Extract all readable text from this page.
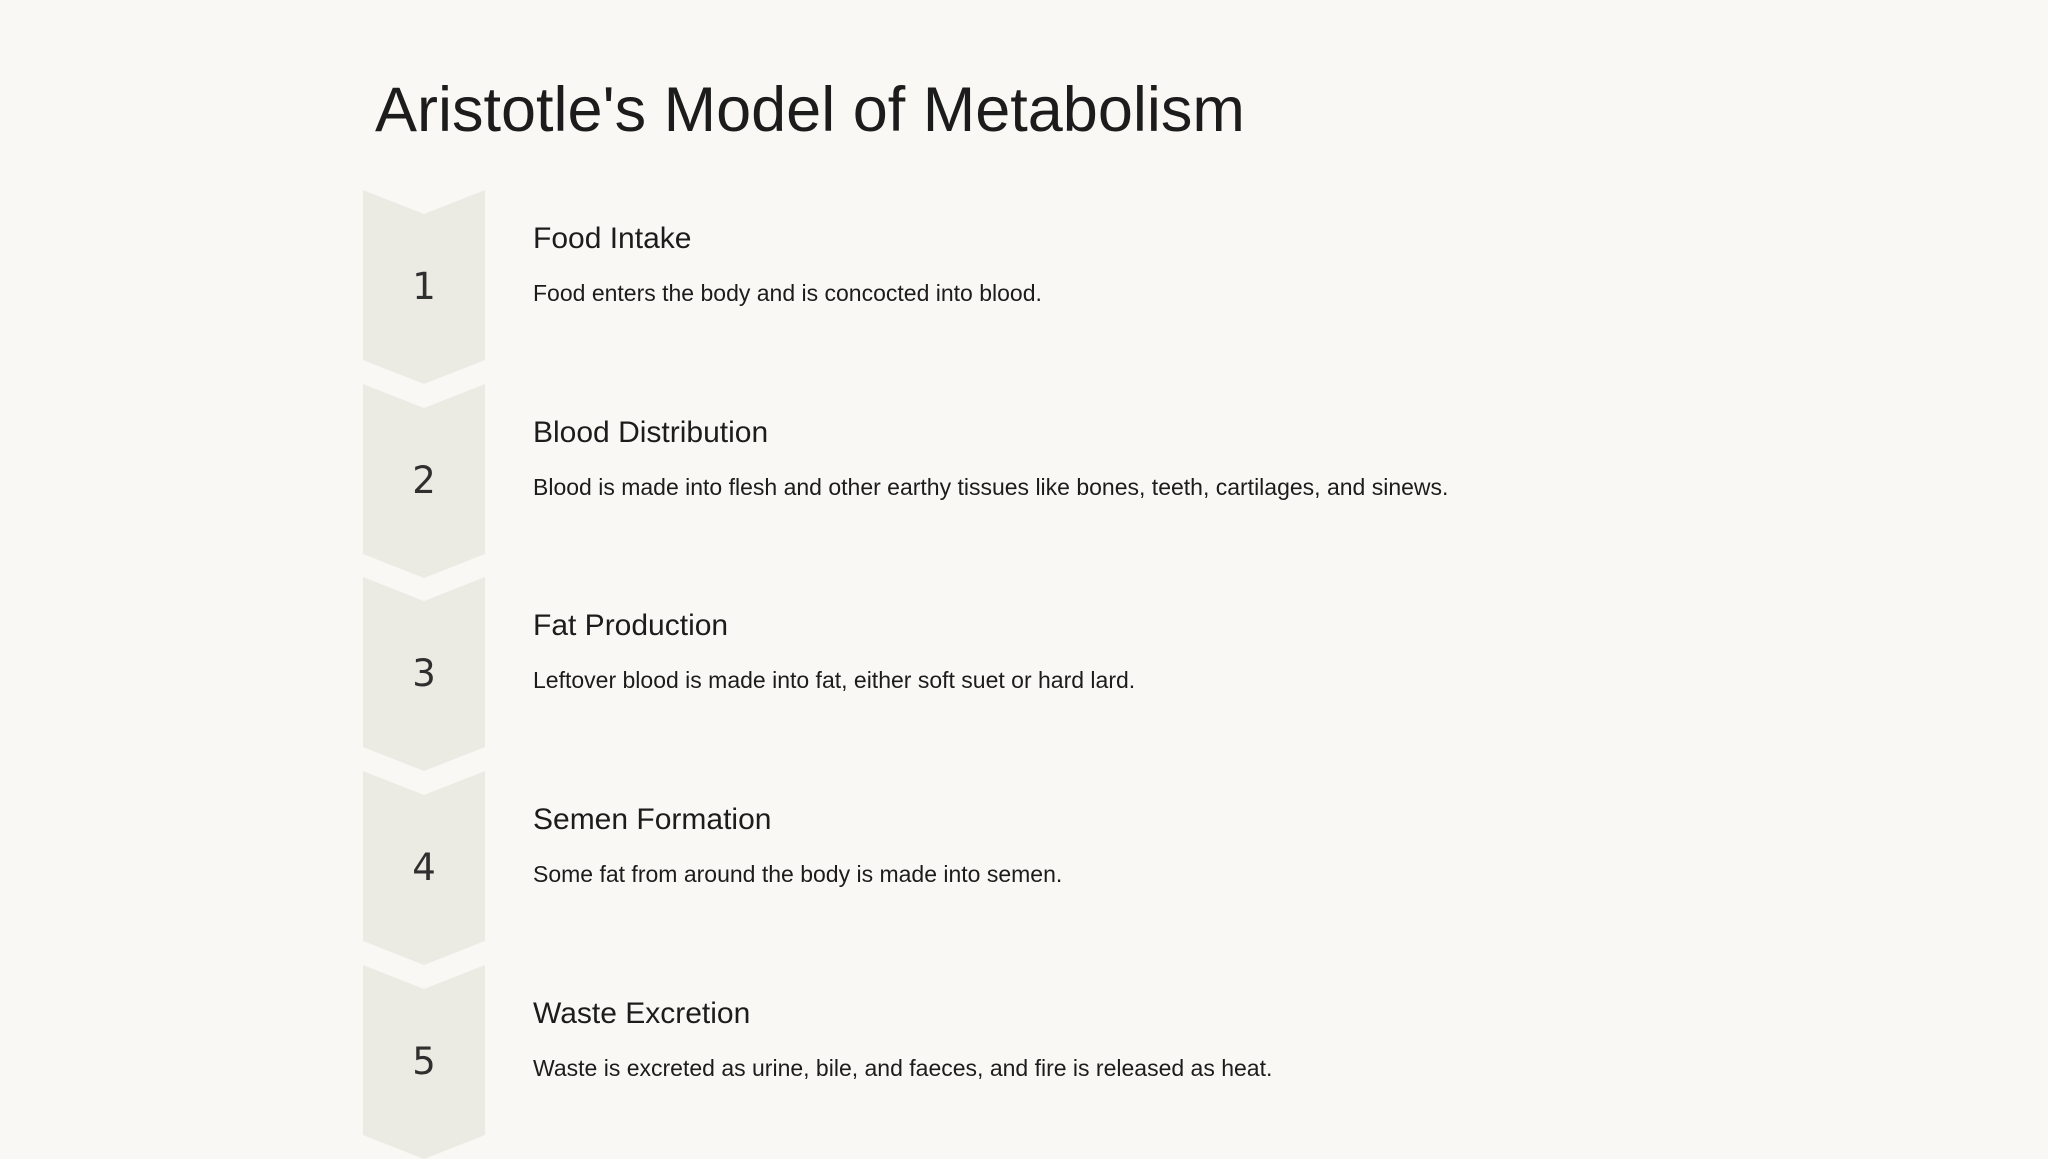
Aristotle's Model of Metabolism
1
Food Intake
Food enters the body and is concocted into blood.
2
Blood Distribution
Blood is made into flesh and other earthy tissues like bones, teeth, cartilages, and sinews.
3
Fat Production
Leftover blood is made into fat, either soft suet or hard lard.
4
Semen Formation
Some fat from around the body is made into semen.
5
Waste Excretion
Waste is excreted as urine, bile, and faeces, and fire is released as heat.
